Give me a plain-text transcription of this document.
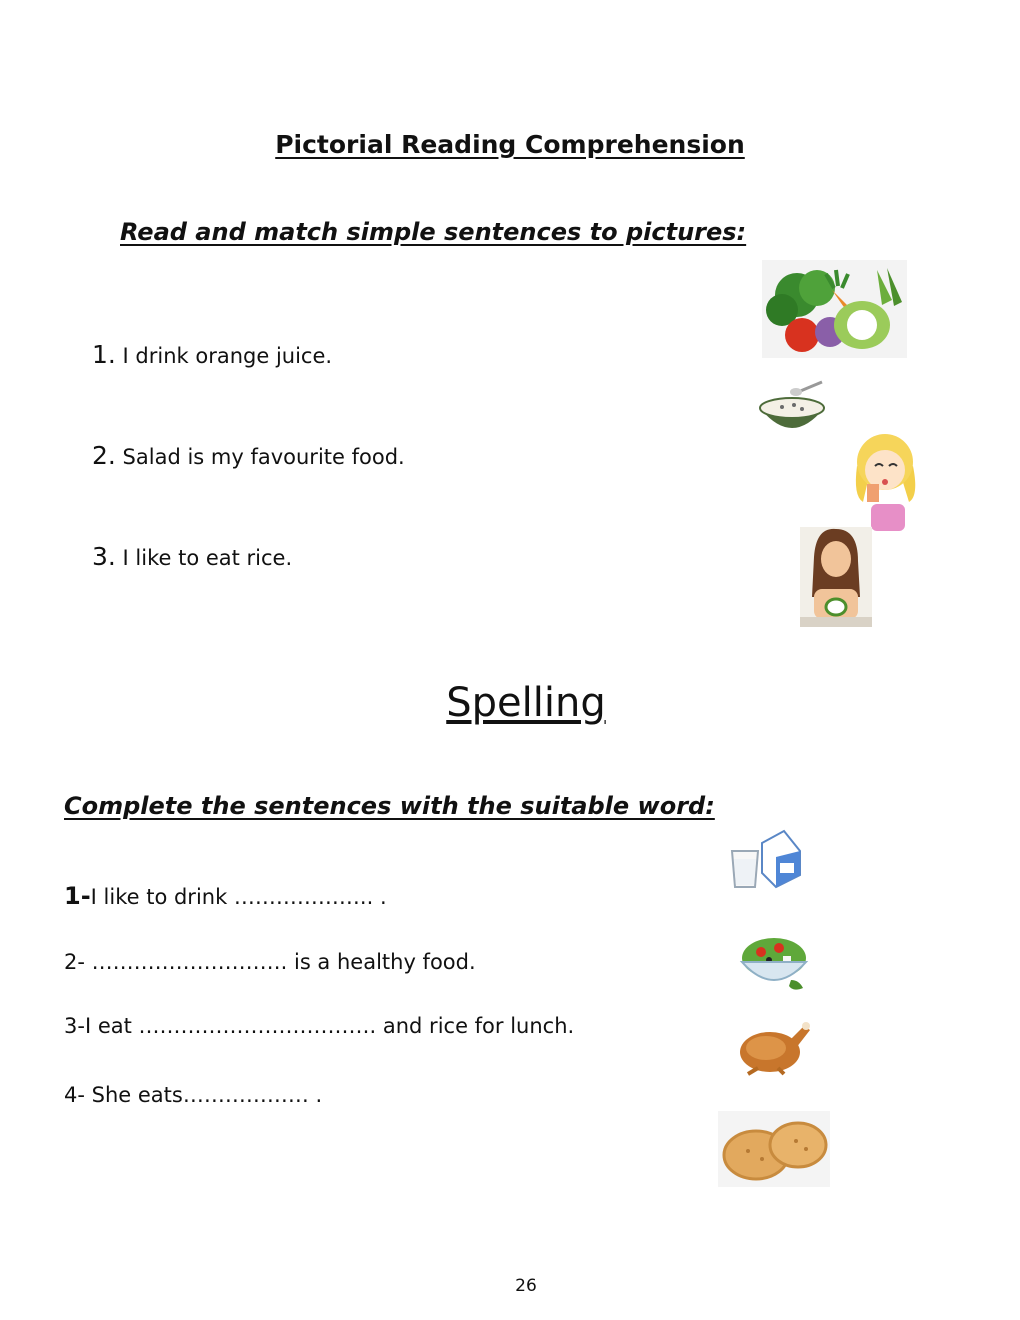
Pictorial Reading Comprehension
Read and match simple sentences to pictures:
1. I drink orange juice.
2. Salad is my favourite food.
3. I like to eat rice.
Spelling
Complete the sentences with the suitable word:
1-I like to drink ……………….. .
2- ………………………. is a healthy food.
3-I eat ……………………………. and rice for lunch.
4- She eats……………… .
26
